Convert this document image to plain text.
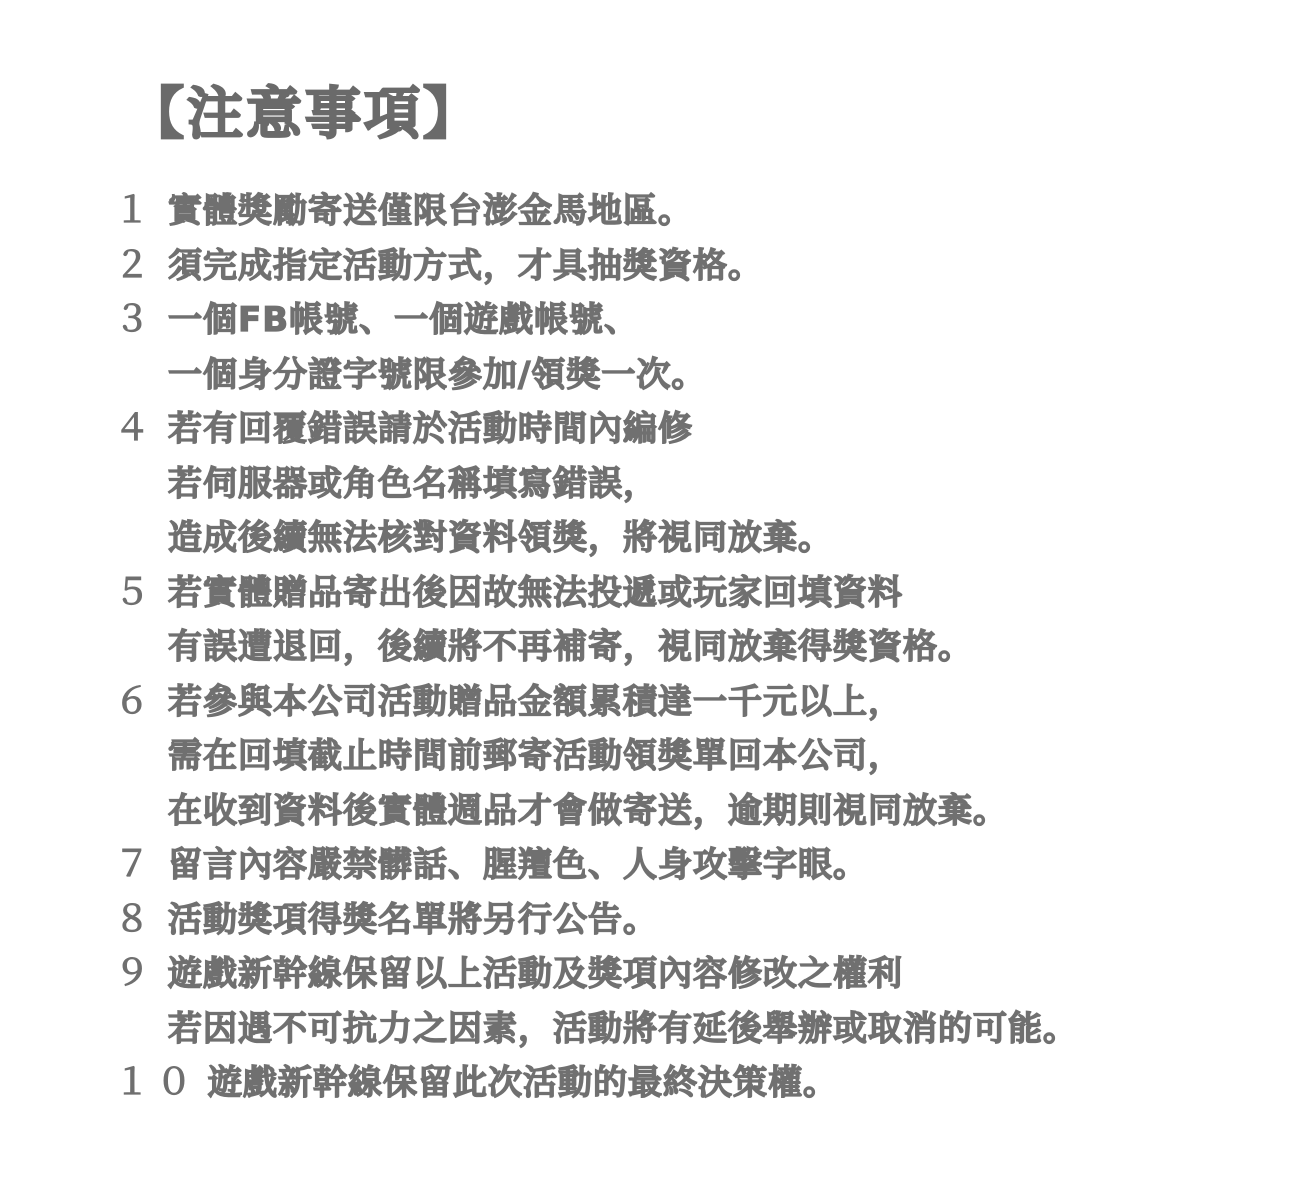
【 注意事項 】
１ 實體獎勵寄送僅限台澎金馬地區。
２ 須完成指定活動方式，才具抽獎資格。
３ 一個FB帳號、一個遊戲帳號、
一個身分證字號限參加/領獎一次。
４ 若有回覆錯誤請於活動時間內編修
若伺服器或角色名稱填寫錯誤，
造成後續無法核對資料領獎，將視同放棄。
５ 若實體贈品寄出後因故無法投遞或玩家回填資料
有誤遭退回，後續將不再補寄，視同放棄得獎資格。
６ 若參與本公司活動贈品金額累積達一千元以上，
需在回填截止時間前郵寄活動領獎單回本公司，
在收到資料後實體週品才會做寄送，逾期則視同放棄。
７ 留言內容嚴禁髒話、腥羶色、人身攻擊字眼。
８ 活動獎項得獎名單將另行公告。
９ 遊戲新幹線保留以上活動及獎項內容修改之權利
若因遇不可抗力之因素，活動將有延後舉辦或取消的可能。
１０ 遊戲新幹線保留此次活動的最終決策權。
